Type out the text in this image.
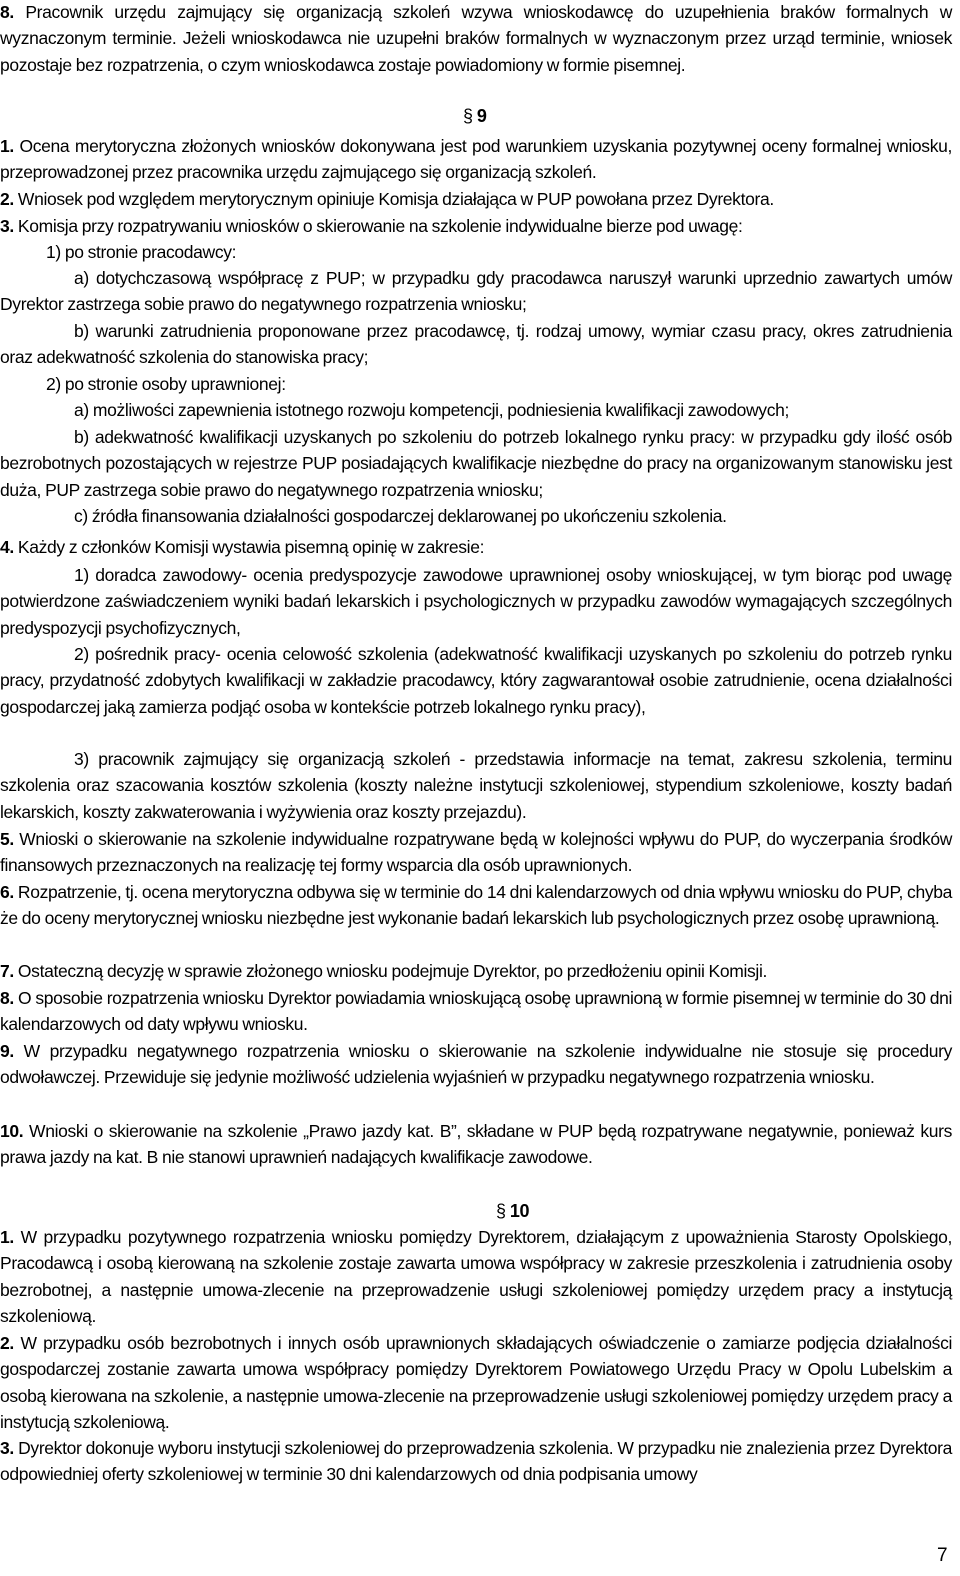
8. Pracownik urzędu zajmujący się organizacją szkoleń wzywa wnioskodawcę do uzupełnienia braków formalnych w wyznaczonym terminie. Jeżeli wnioskodawca nie uzupełni braków formalnych w wyznaczonym przez urząd terminie, wniosek pozostaje bez rozpatrzenia, o czym wnioskodawca zostaje powiadomiony w formie pisemnej.

§ 9

1. Ocena merytoryczna złożonych wniosków dokonywana jest pod warunkiem uzyskania pozytywnej oceny formalnej wniosku, przeprowadzonej przez pracownika urzędu zajmującego się organizacją szkoleń.

2. Wniosek pod względem merytorycznym opiniuje Komisja działająca w PUP powołana przez Dyrektora.

3. Komisja przy rozpatrywaniu wniosków o skierowanie na szkolenie indywidualne bierze pod uwagę:

1) po stronie pracodawcy:

a) dotychczasową współpracę z PUP; w przypadku gdy pracodawca naruszył warunki uprzednio zawartych umów Dyrektor zastrzega sobie prawo do negatywnego rozpatrzenia wniosku;

b) warunki zatrudnienia proponowane przez pracodawcę, tj. rodzaj umowy, wymiar czasu pracy, okres zatrudnienia oraz adekwatność szkolenia do stanowiska pracy;

2) po stronie osoby uprawnionej:

a) możliwości zapewnienia istotnego rozwoju kompetencji, podniesienia kwalifikacji zawodowych;

b) adekwatność kwalifikacji uzyskanych po szkoleniu do potrzeb lokalnego rynku pracy: w przypadku gdy ilość osób bezrobotnych pozostających w rejestrze PUP posiadających kwalifikacje niezbędne do pracy na organizowanym stanowisku jest duża, PUP zastrzega sobie prawo do negatywnego rozpatrzenia wniosku;

c) źródła finansowania działalności gospodarczej deklarowanej po ukończeniu szkolenia.

4. Każdy z członków Komisji wystawia pisemną opinię w zakresie:

1) doradca zawodowy- ocenia predyspozycje zawodowe uprawnionej osoby wnioskującej, w tym biorąc pod uwagę potwierdzone zaświadczeniem wyniki badań lekarskich i psychologicznych w przypadku zawodów wymagających szczególnych predyspozycji psychofizycznych,

2) pośrednik pracy- ocenia celowość szkolenia (adekwatność kwalifikacji uzyskanych po szkoleniu do potrzeb rynku pracy, przydatność zdobytych kwalifikacji w zakładzie pracodawcy, który zagwarantował osobie zatrudnienie, ocena działalności gospodarczej jaką zamierza podjąć osoba w kontekście potrzeb lokalnego rynku pracy),

3) pracownik zajmujący się organizacją szkoleń - przedstawia informacje na temat, zakresu szkolenia, terminu szkolenia oraz szacowania kosztów szkolenia (koszty należne instytucji szkoleniowej, stypendium szkoleniowe, koszty badań lekarskich, koszty zakwaterowania i wyżywienia oraz koszty przejazdu).

5. Wnioski o skierowanie na szkolenie indywidualne rozpatrywane będą w kolejności wpływu do PUP, do wyczerpania środków finansowych przeznaczonych na realizację tej formy wsparcia dla osób uprawnionych.

6. Rozpatrzenie, tj. ocena merytoryczna odbywa się w terminie do 14 dni kalendarzowych od dnia wpływu wniosku do PUP, chyba że do oceny merytorycznej wniosku niezbędne jest wykonanie badań lekarskich lub psychologicznych przez osobę uprawnioną.

7. Ostateczną decyzję w sprawie złożonego wniosku podejmuje Dyrektor, po przedłożeniu opinii Komisji.

8. O sposobie rozpatrzenia wniosku Dyrektor powiadamia wnioskującą osobę uprawnioną w formie pisemnej w terminie do 30 dni kalendarzowych od daty wpływu wniosku.

9. W przypadku negatywnego rozpatrzenia wniosku o skierowanie na szkolenie indywidualne nie stosuje się procedury odwoławczej. Przewiduje się jedynie możliwość udzielenia wyjaśnień w przypadku negatywnego rozpatrzenia wniosku.

10. Wnioski o skierowanie na szkolenie „Prawo jazdy kat. B”, składane w PUP będą rozpatrywane negatywnie, ponieważ kurs prawa jazdy na kat. B nie stanowi uprawnień nadających kwalifikacje zawodowe.

§ 10

1. W przypadku pozytywnego rozpatrzenia wniosku pomiędzy Dyrektorem, działającym z upoważnienia Starosty Opolskiego, Pracodawcą i osobą kierowaną na szkolenie zostaje zawarta umowa współpracy w zakresie przeszkolenia i zatrudnienia osoby bezrobotnej, a następnie umowa-zlecenie na przeprowadzenie usługi szkoleniowej pomiędzy urzędem pracy a instytucją szkoleniową.

2. W przypadku osób bezrobotnych i innych osób uprawnionych składających oświadczenie o zamiarze podjęcia działalności gospodarczej zostanie zawarta umowa współpracy pomiędzy Dyrektorem Powiatowego Urzędu Pracy w Opolu Lubelskim a osobą kierowana na szkolenie, a następnie umowa-zlecenie na przeprowadzenie usługi szkoleniowej pomiędzy urzędem pracy a instytucją szkoleniową.

3. Dyrektor dokonuje wyboru instytucji szkoleniowej do przeprowadzenia szkolenia. W przypadku nie znalezienia przez Dyrektora odpowiedniej oferty szkoleniowej w terminie 30 dni kalendarzowych od dnia podpisania umowy

7
